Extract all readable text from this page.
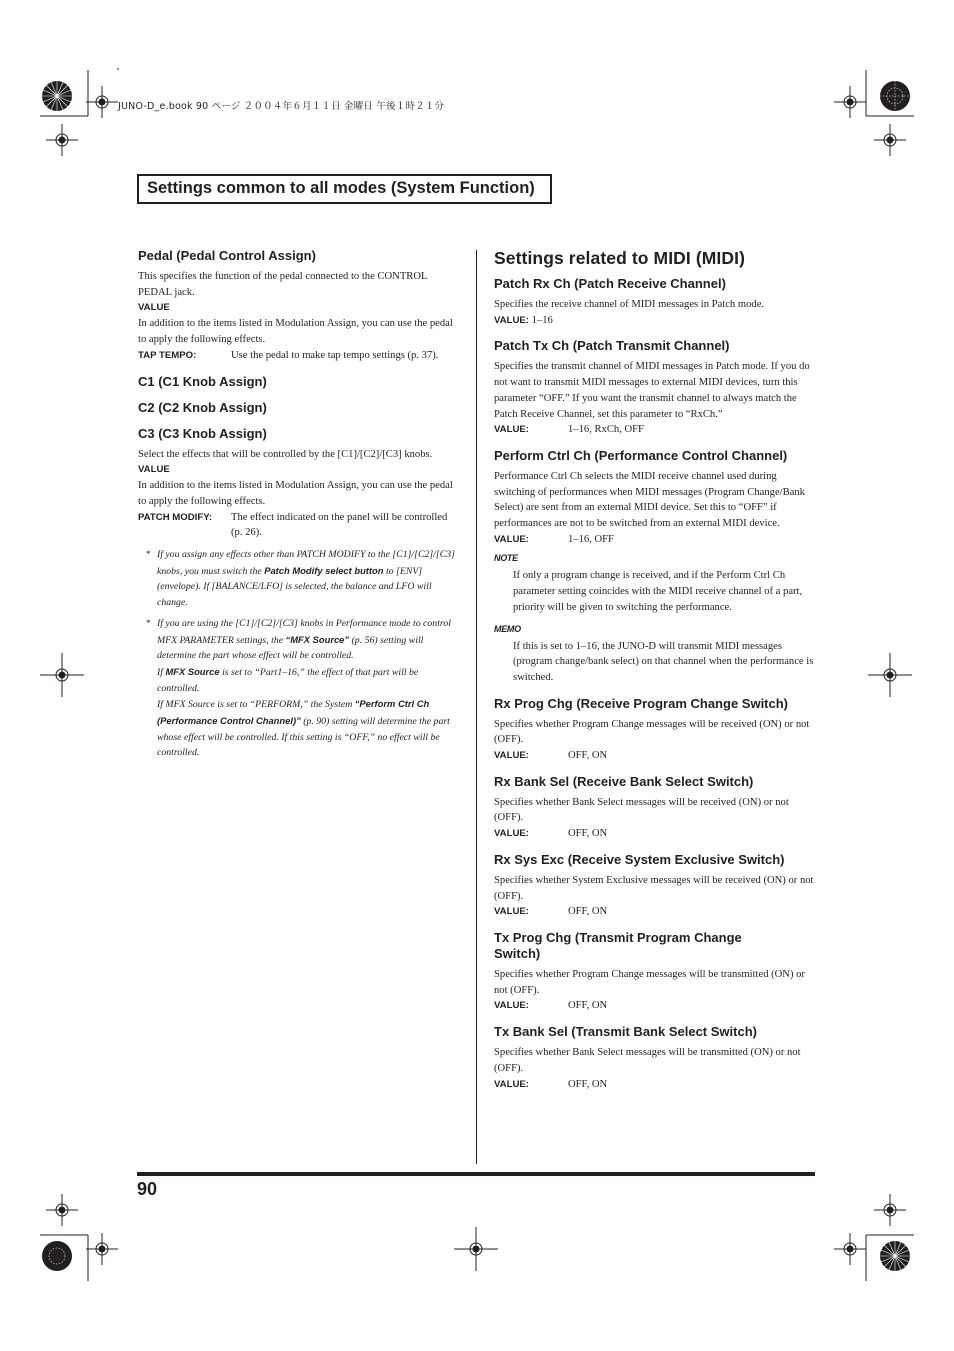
JUNO-D_e.book 90 ページ ２００４年６月１１日 金曜日 午後１時２１分
Settings common to all modes (System Function)
Pedal (Pedal Control Assign)

This specifies the function of the pedal connected to the CONTROL PEDAL jack.

VALUE

In addition to the items listed in Modulation Assign, you can use the pedal to apply the following effects.

TAP TEMPO:	Use the pedal to make tap tempo settings (p. 37).
C1 (C1 Knob Assign)
C2 (C2 Knob Assign)
C3 (C3 Knob Assign)

Select the effects that will be controlled by the [C1]/[C2]/[C3] knobs.

VALUE

In addition to the items listed in Modulation Assign, you can use the pedal to apply the following effects.

PATCH MODIFY:	The effect indicated on the panel will be controlled (p. 26).
* If you assign any effects other than PATCH MODIFY to the [C1]/[C2]/[C3] knobs, you must switch the Patch Modify select button to [ENV] (envelope). If [BALANCE/LFO] is selected, the balance and LFO will change.
* If you are using the [C1]/[C2]/[C3] knobs in Performance mode to control MFX PARAMETER settings, the “MFX Source” (p. 56) setting will determine the part whose effect will be controlled.
If MFX Source is set to “Part1–16,” the effect of that part will be controlled.
If MFX Source is set to “PERFORM,” the System “Perform Ctrl Ch (Performance Control Channel)” (p. 90) setting will determine the part whose effect will be controlled. If this setting is “OFF,” no effect will be controlled.
Settings related to MIDI (MIDI)
Patch Rx Ch (Patch Receive Channel)

Specifies the receive channel of MIDI messages in Patch mode.

VALUE: 1–16

Patch Tx Ch (Patch Transmit Channel)

Specifies the transmit channel of MIDI messages in Patch mode. If you do not want to transmit MIDI messages to external MIDI devices, turn this parameter “OFF.” If you want the transmit channel to always match the Patch Receive Channel, set this parameter to “RxCh.”

VALUE:	1–16, RxCh, OFF
Perform Ctrl Ch (Performance Control Channel)

Performance Ctrl Ch selects the MIDI receive channel used during switching of performances when MIDI messages (Program Change/Bank Select) are sent from an external MIDI device. Set this to “OFF” if performances are not to be switched from an external MIDI device.

VALUE:	1–16, OFF
NOTE

If only a program change is received, and if the Perform Ctrl Ch parameter setting coincides with the MIDI receive channel of a part, priority will be given to switching the performance.

MEMO

If this is set to 1–16, the JUNO-D will transmit MIDI messages (program change/bank select) on that channel when the performance is switched.

Rx Prog Chg (Receive Program Change Switch)

Specifies whether Program Change messages will be received (ON) or not (OFF).

VALUE:	OFF, ON
Rx Bank Sel (Receive Bank Select Switch)

Specifies whether Bank Select messages will be received (ON) or not (OFF).

VALUE:	OFF, ON
Rx Sys Exc (Receive System Exclusive Switch)

Specifies whether System Exclusive messages will be received (ON) or not (OFF).

VALUE:	OFF, ON
Tx Prog Chg (Transmit Program Change Switch)

Specifies whether Program Change messages will be transmitted (ON) or not (OFF).

VALUE:	OFF, ON
Tx Bank Sel (Transmit Bank Select Switch)

Specifies whether Bank Select messages will be transmitted (ON) or not (OFF).

VALUE:	OFF, ON
90
